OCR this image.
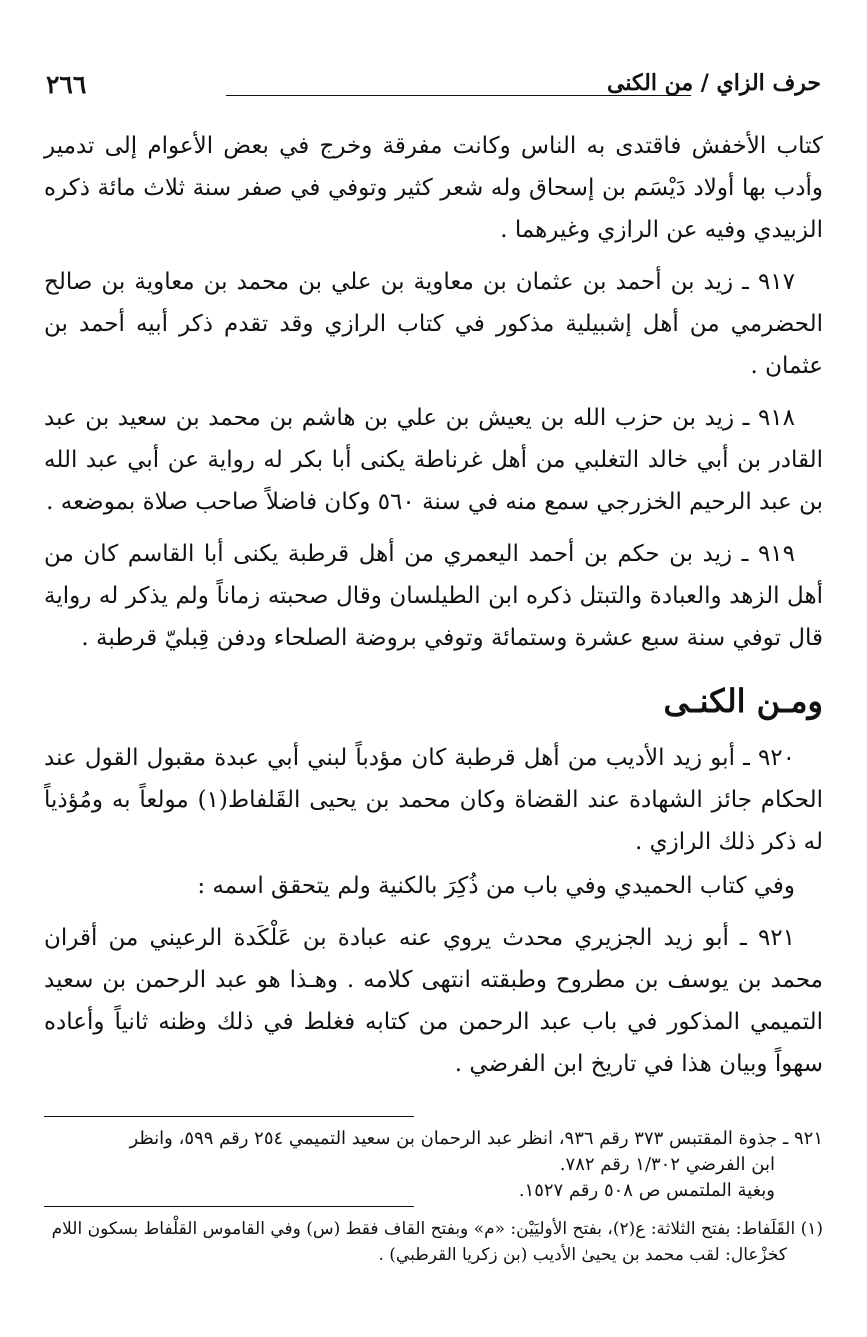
حرف الزاي / من الكنى
٢٦٦

كتاب الأخفش فاقتدى به الناس وكانت مفرقة وخرج في بعض الأعوام إلى تدمير وأدب بها أولاد دَيْسَم بن إسحاق وله شعر كثير وتوفي في صفر سنة ثلاث مائة ذكره الزبيدي وفيه عن الرازي وغيرهما .

٩١٧ ـ زيد بن أحمد بن عثمان بن معاوية بن علي بن محمد بن معاوية بن صالح الحضرمي من أهل إشبيلية مذكور في كتاب الرازي وقد تقدم ذكر أبيه أحمد بن عثمان .

٩١٨ ـ زيد بن حزب الله بن يعيش بن علي بن هاشم بن محمد بن سعيد بن عبد القادر بن أبي خالد التغلبي من أهل غرناطة يكنى أبا بكر له رواية عن أبي عبد الله بن عبد الرحيم الخزرجي سمع منه في سنة ٥٦٠ وكان فاضلاً صاحب صلاة بموضعه .

٩١٩ ـ زيد بن حكم بن أحمد اليعمري من أهل قرطبة يكنى أبا القاسم كان من أهل الزهد والعبادة والتبتل ذكره ابن الطيلسان وقال صحبته زماناً ولم يذكر له رواية قال توفي سنة سبع عشرة وستمائة وتوفي بروضة الصلحاء ودفن قِبليّ قرطبة .

ومـن الكنـى

٩٢٠ ـ أبو زيد الأديب من أهل قرطبة كان مؤدباً لبني أبي عبدة مقبول القول عند الحكام جائز الشهادة عند القضاة وكان محمد بن يحيى القَلفاط(١) مولعاً به ومُؤذياً له ذكر ذلك الرازي .

وفي كتاب الحميدي وفي باب من ذُكِرَ بالكنية ولم يتحقق اسمه :

٩٢١ ـ أبو زيد الجزيري محدث يروي عنه عبادة بن عَلْكَدة الرعيني من أقران محمد بن يوسف بن مطروح وطبقته انتهى كلامه . وهـذا هو عبد الرحمن بن سعيد التميمي المذكور في باب عبد الرحمن من كتابه فغلط في ذلك وظنه ثانياً وأعاده سهواً وبيان هذا في تاريخ ابن الفرضي .

٩٢١ ـ جذوة المقتبس ٣٧٣ رقم ٩٣٦، انظر عبد الرحمان بن سعيد التميمي ٢٥٤ رقم ٥٩٩، وانظر
ابن الفرضي ١/٣٠٢ رقم ٧٨٢.
وبغية الملتمس ص ٥٠٨ رقم ١٥٢٧.
(١) القَلَفاط: بفتح الثلاثة: ع(٢)، بفتح الأوليَيْن: «م» وبفتح القاف فقط (س) وفي القاموس القلْفاط بسكون اللام
كخزْعال: لقب محمد بن يحيىٰ الأديب (بن زكريا القرطبي) .
